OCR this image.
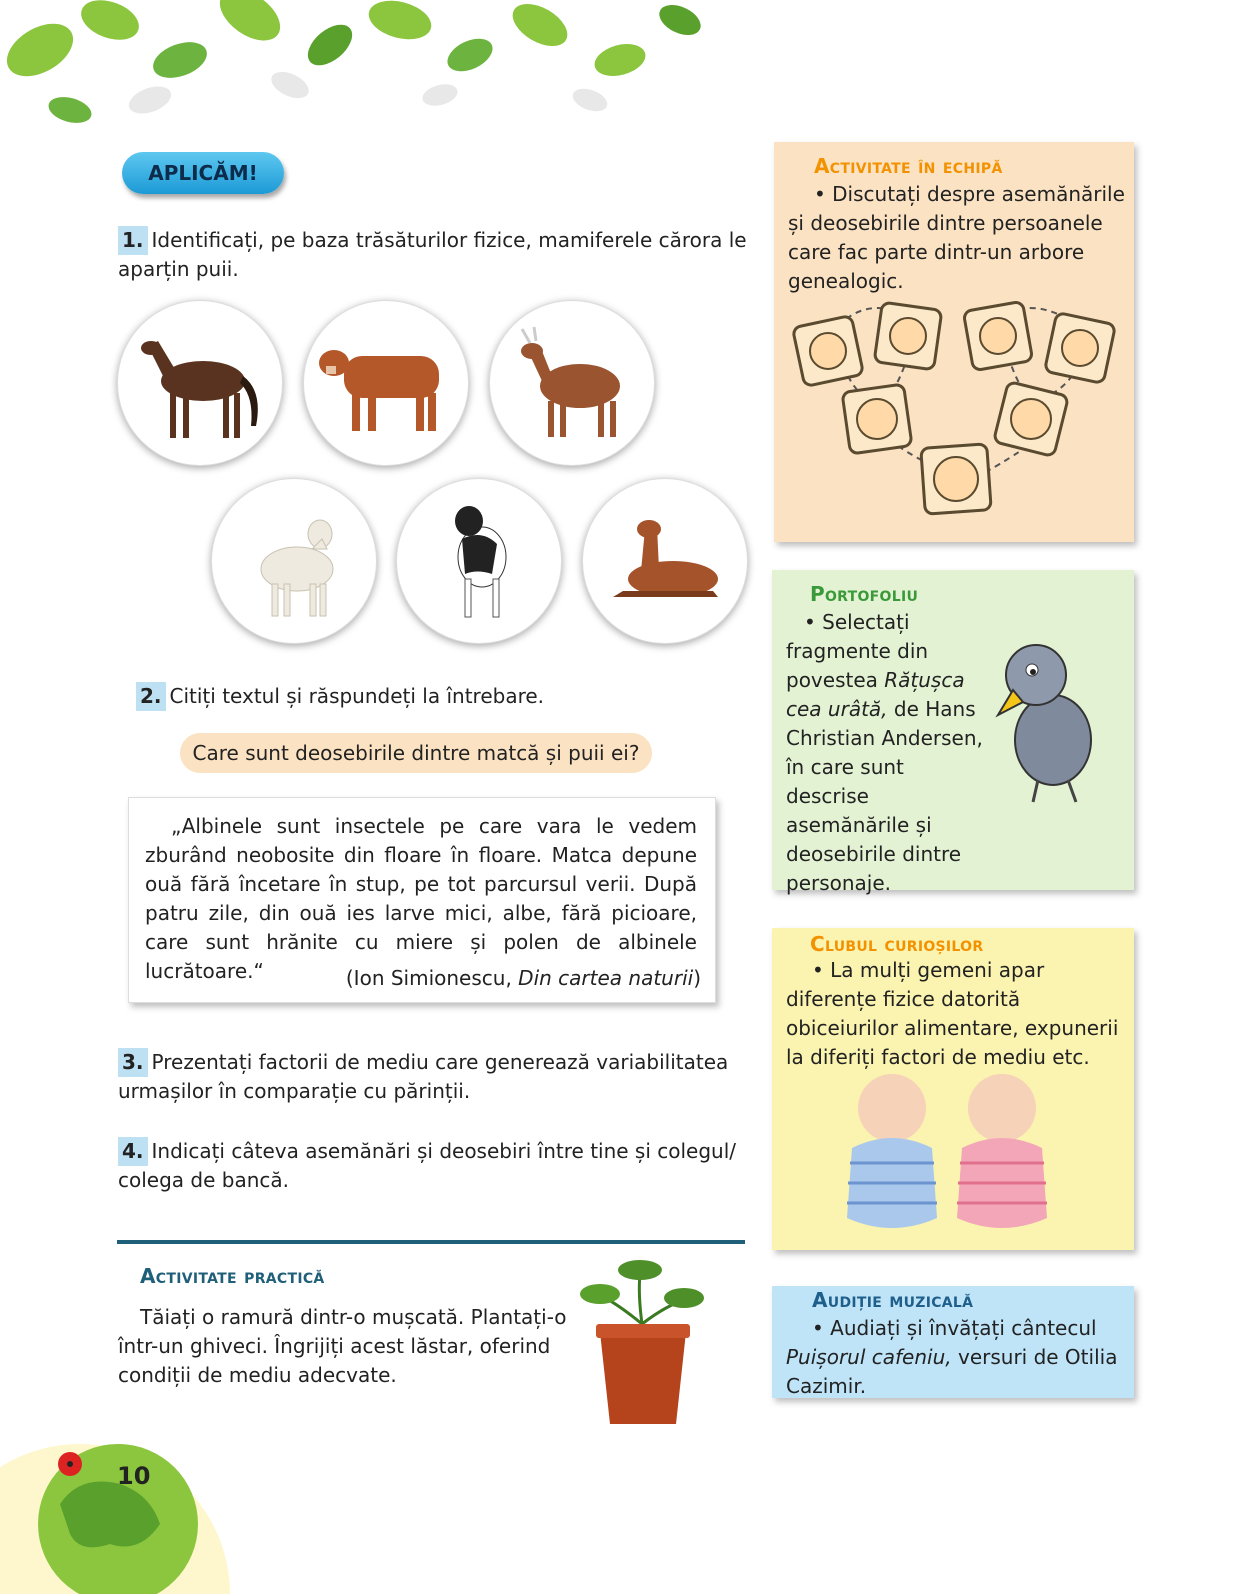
APLICĂM!
1. Identificați, pe baza trăsăturilor fizice, mamiferele cărora le aparțin puii.
2. Citiți textul și răspundeți la întrebare.
Care sunt deosebirile dintre matcă și puii ei?
„Albinele sunt insectele pe care vara le vedem zburând neobosite din floare în floare. Matca depune ouă fără încetare în stup, pe tot parcursul verii. După patru zile, din ouă ies larve mici, albe, fără picioare, care sunt hrănite cu miere și polen de albinele lucrătoare.“	(Ion Simionescu, Din cartea naturii)
3. Prezentați factorii de mediu care generează variabilitatea urmașilor în comparație cu părinții.
4. Indicați câteva asemănări și deosebiri între tine și colegul/ colega de bancă.
Activitate practică
Tăiați o ramură dintr-o mușcată. Plantați-o într-un ghiveci. Îngrijiți acest lăstar, oferind condiții de mediu adecvate.
10
Activitate în echipă
• Discutați despre asemănările și deosebirile dintre persoanele care fac parte dintr-un arbore genealogic.
Portofoliu
• Selectați fragmente din povestea Rățușca cea urâtă, de Hans Christian Andersen, în care sunt descrise asemănările și deosebirile dintre personaje.
Clubul curioșilor
• La mulți gemeni apar diferențe fizice datorită obiceiurilor alimentare, expunerii la diferiți factori de mediu etc.
Audiție muzicală
• Audiați și învățați cântecul Puișorul cafeniu, versuri de Otilia Cazimir.
